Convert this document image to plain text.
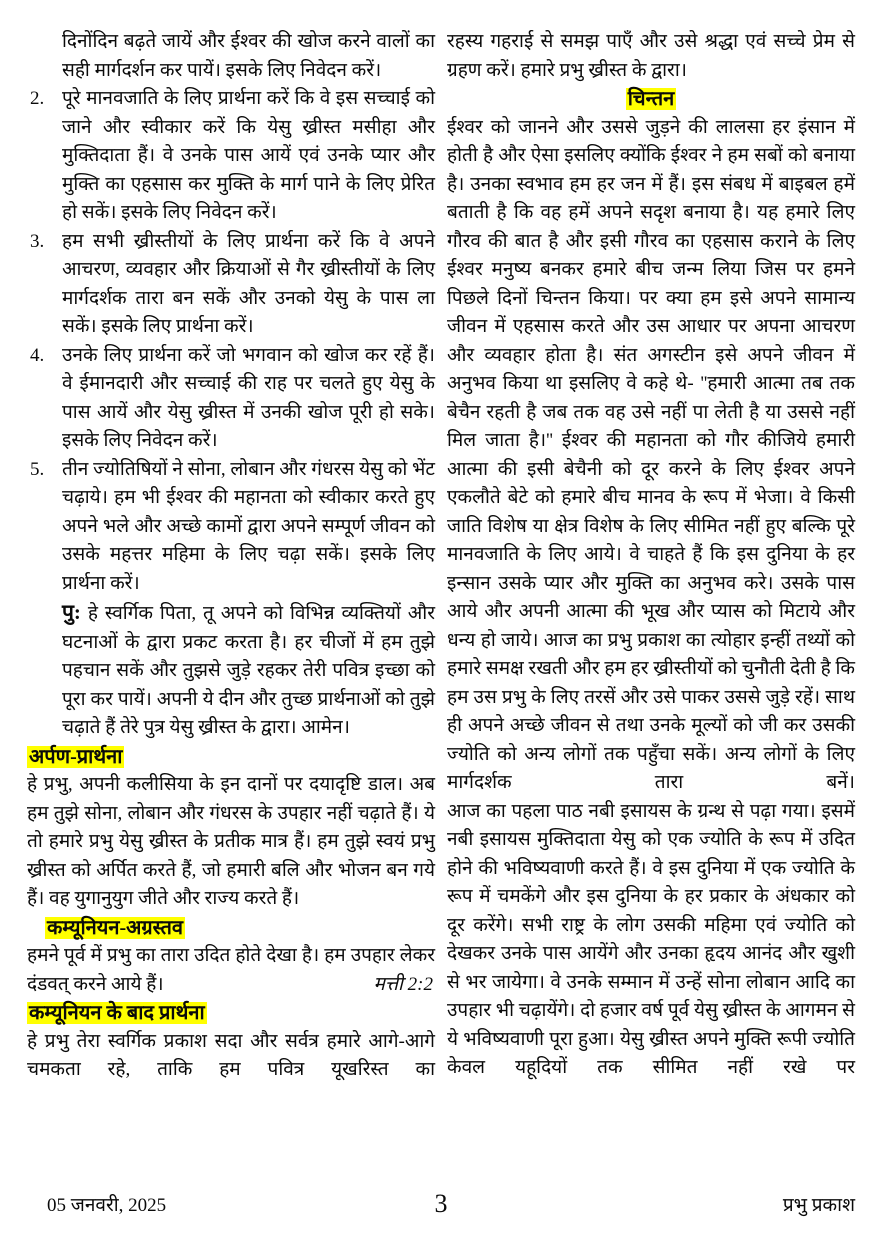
दिनोंदिन बढ़ते जायें और ईश्वर की खोज करने वालों का सही मार्गदर्शन कर पायें। इसके लिए निवेदन करें।

2. पूरे मानवजाति के लिए प्रार्थना करें कि वे इस सच्चाई को जाने और स्वीकार करें कि येसु ख्रीस्त मसीहा और मुक्तिदाता हैं। वे उनके पास आयें एवं उनके प्यार और मुक्ति का एहसास कर मुक्ति के मार्ग पाने के लिए प्रेरित हो सकें। इसके लिए निवेदन करें।
3. हम सभी ख्रीस्तीयों के लिए प्रार्थना करें कि वे अपने आचरण, व्यवहार और क्रियाओं से गैर ख्रीस्तीयों के लिए मार्गदर्शक तारा बन सकें और उनको येसु के पास ला सकें। इसके लिए प्रार्थना करें।
4. उनके लिए प्रार्थना करें जो भगवान को खोज कर रहें हैं। वे ईमानदारी और सच्चाई की राह पर चलते हुए येसु के पास आयें और येसु ख्रीस्त में उनकी खोज पूरी हो सके। इसके लिए निवेदन करें।
5. तीन ज्योतिषियों ने सोना, लोबान और गंधरस येसु को भेंट चढ़ाये। हम भी ईश्वर की महानता को स्वीकार करते हुए अपने भले और अच्छे कामों द्वारा अपने सम्पूर्ण जीवन को उसके महत्तर महिमा के लिए चढ़ा सकें। इसके लिए प्रार्थना करें।

पु: हे स्वर्गिक पिता, तू अपने को विभिन्न व्यक्तियों और घटनाओं के द्वारा प्रकट करता है। हर चीजों में हम तुझे पहचान सकें और तुझसे जुड़े रहकर तेरी पवित्र इच्छा को पूरा कर पायें। अपनी ये दीन और तुच्छ प्रार्थनाओं को तुझे चढ़ाते हैं तेरे पुत्र येसु ख्रीस्त के द्वारा। आमेन।

अर्पण-प्रार्थना

हे प्रभु, अपनी कलीसिया के इन दानों पर दयादृष्टि डाल। अब हम तुझे सोना, लोबान और गंधरस के उपहार नहीं चढ़ाते हैं। ये तो हमारे प्रभु येसु ख्रीस्त के प्रतीक मात्र हैं। हम तुझे स्वयं प्रभु ख्रीस्त को अर्पित करते हैं, जो हमारी बलि और भोजन बन गये हैं। वह युगानुयुग जीते और राज्य करते हैं।

कम्यूनियन-अग्रस्तव

हमने पूर्व में प्रभु का तारा उदित होते देखा है। हम उपहार लेकर दंडवत् करने आये हैं।	मत्ती 2:2

कम्यूनियन के बाद प्रार्थना

हे प्रभु तेरा स्वर्गिक प्रकाश सदा और सर्वत्र हमारे आगे-आगे चमकता रहे, ताकि हम पवित्र यूखरिस्त का

रहस्य गहराई से समझ पाएँ और उसे श्रद्धा एवं सच्चे प्रेम से ग्रहण करें। हमारे प्रभु ख्रीस्त के द्वारा।

चिन्तन

ईश्वर को जानने और उससे जुड़ने की लालसा हर इंसान में होती है और ऐसा इसलिए क्योंकि ईश्वर ने हम सबों को बनाया है। उनका स्वभाव हम हर जन में हैं। इस संबध में बाइबल हमें बताती है कि वह हमें अपने सदृश बनाया है। यह हमारे लिए गौरव की बात है और इसी गौरव का एहसास कराने के लिए ईश्वर मनुष्य बनकर हमारे बीच जन्म लिया जिस पर हमने पिछले दिनों चिन्तन किया। पर क्या हम इसे अपने सामान्य जीवन में एहसास करते और उस आधार पर अपना आचरण और व्यवहार होता है। संत अगस्टीन इसे अपने जीवन में अनुभव किया था इसलिए वे कहे थे- ''हमारी आत्मा तब तक बेचैन रहती है जब तक वह उसे नहीं पा लेती है या उससे नहीं मिल जाता है।'' ईश्वर की महानता को गौर कीजिये हमारी आत्मा की इसी बेचैनी को दूर करने के लिए ईश्वर अपने एकलौते बेटे को हमारे बीच मानव के रूप में भेजा। वे किसी जाति विशेष या क्षेत्र विशेष के लिए सीमित नहीं हुए बल्कि पूरे मानवजाति के लिए आये। वे चाहते हैं कि इस दुनिया के हर इन्सान उसके प्यार और मुक्ति का अनुभव करे। उसके पास आये और अपनी आत्मा की भूख और प्यास को मिटाये और धन्य हो जाये। आज का प्रभु प्रकाश का त्योहार इन्हीं तथ्यों को हमारे समक्ष रखती और हम हर ख्रीस्तीयों को चुनौती देती है कि हम उस प्रभु के लिए तरसें और उसे पाकर उससे जुड़े रहें। साथ ही अपने अच्छे जीवन से तथा उनके मूल्यों को जी कर उसकी ज्योति को अन्य लोगों तक पहुँचा सकें। अन्य लोगों के लिए मार्गदर्शक तारा बनें।

आज का पहला पाठ नबी इसायस के ग्रन्थ से पढ़ा गया। इसमें नबी इसायस मुक्तिदाता येसु को एक ज्योति के रूप में उदित होने की भविष्यवाणी करते हैं। वे इस दुनिया में एक ज्योति के रूप में चमकेंगे और इस दुनिया के हर प्रकार के अंधकार को दूर करेंगे। सभी राष्ट्र के लोग उसकी महिमा एवं ज्योति को देखकर उनके पास आयेंगे और उनका हृदय आनंद और खुशी से भर जायेगा। वे उनके सम्मान में उन्हें सोना लोबान आदि का उपहार भी चढ़ायेंगे। दो हजार वर्ष पूर्व येसु ख्रीस्त के आगमन से ये भविष्यवाणी पूरा हुआ। येसु ख्रीस्त अपने मुक्ति रूपी ज्योति केवल यहूदियों तक सीमित नहीं रखे पर

05 जनवरी, 2025	3	प्रभु प्रकाश
